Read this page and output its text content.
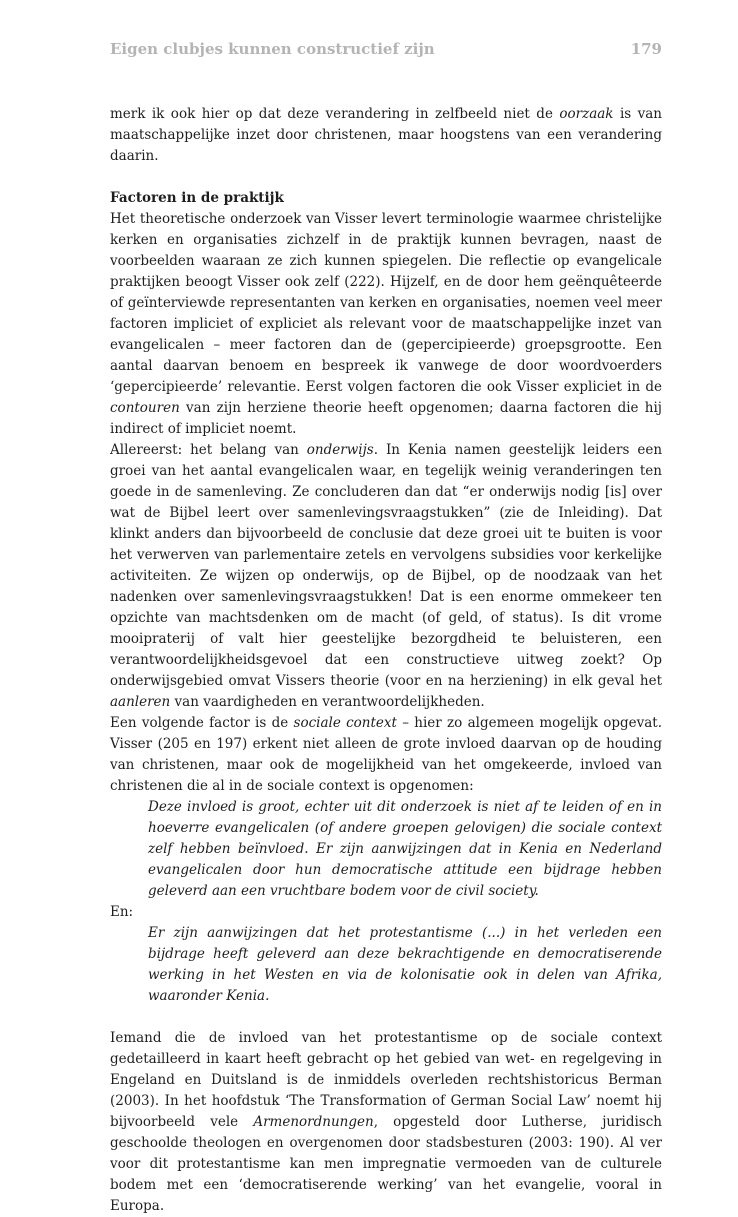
Eigen clubjes kunnen constructief zijn	179

merk ik ook hier op dat deze verandering in zelfbeeld niet de oorzaak is van maatschappelijke inzet door christenen, maar hoogstens van een verandering daarin.

Factoren in de praktijk

Het theoretische onderzoek van Visser levert terminologie waarmee christelijke kerken en organisaties zichzelf in de praktijk kunnen bevragen, naast de voorbeelden waaraan ze zich kunnen spiegelen. Die reflectie op evangelicale praktijken beoogt Visser ook zelf (222). Hijzelf, en de door hem geënquêteerde of geïnterviewde representanten van kerken en organisaties, noemen veel meer factoren impliciet of expliciet als relevant voor de maatschappelijke inzet van evangelicalen – meer factoren dan de (gepercipieerde) groepsgrootte. Een aantal daarvan benoem en bespreek ik vanwege de door woordvoerders ‘gepercipieerde’ relevantie. Eerst volgen factoren die ook Visser expliciet in de contouren van zijn herziene theorie heeft opgenomen; daarna factoren die hij indirect of impliciet noemt.

Allereerst: het belang van onderwijs. In Kenia namen geestelijk leiders een groei van het aantal evangelicalen waar, en tegelijk weinig veranderingen ten goede in de samenleving. Ze concluderen dan dat “er onderwijs nodig [is] over wat de Bijbel leert over samenlevingsvraagstukken” (zie de Inleiding). Dat klinkt anders dan bijvoorbeeld de conclusie dat deze groei uit te buiten is voor het verwerven van parlementaire zetels en vervolgens subsidies voor kerkelijke activiteiten. Ze wijzen op onderwijs, op de Bijbel, op de noodzaak van het nadenken over samenlevingsvraagstukken! Dat is een enorme ommekeer ten opzichte van machtsdenken om de macht (of geld, of status). Is dit vrome mooipraterij of valt hier geestelijke bezorgdheid te beluisteren, een verantwoordelijkheidsgevoel dat een constructieve uitweg zoekt? Op onderwijsgebied omvat Vissers theorie (voor en na herziening) in elk geval het aanleren van vaardigheden en verantwoordelijkheden.

Een volgende factor is de sociale context – hier zo algemeen mogelijk opgevat. Visser (205 en 197) erkent niet alleen de grote invloed daarvan op de houding van christenen, maar ook de mogelijkheid van het omgekeerde, invloed van christenen die al in de sociale context is opgenomen:

Deze invloed is groot, echter uit dit onderzoek is niet af te leiden of en in hoeverre evangelicalen (of andere groepen gelovigen) die sociale context zelf hebben beïnvloed. Er zijn aanwijzingen dat in Kenia en Nederland evangelicalen door hun democratische attitude een bijdrage hebben geleverd aan een vruchtbare bodem voor de civil society.

En:

Er zijn aanwijzingen dat het protestantisme (...) in het verleden een bijdrage heeft geleverd aan deze bekrachtigende en democratiserende werking in het Westen en via de kolonisatie ook in delen van Afrika, waaronder Kenia.

Iemand die de invloed van het protestantisme op de sociale context gedetailleerd in kaart heeft gebracht op het gebied van wet- en regelgeving in Engeland en Duitsland is de inmiddels overleden rechtshistoricus Berman (2003). In het hoofdstuk ‘The Transformation of German Social Law’ noemt hij bijvoorbeeld vele Armenordnungen, opgesteld door Lutherse, juridisch geschoolde theologen en overgenomen door stadsbesturen (2003: 190). Al ver voor dit protestantisme kan men impregnatie vermoeden van de culturele bodem met een ‘democratiserende werking’ van het evangelie, vooral in Europa.
